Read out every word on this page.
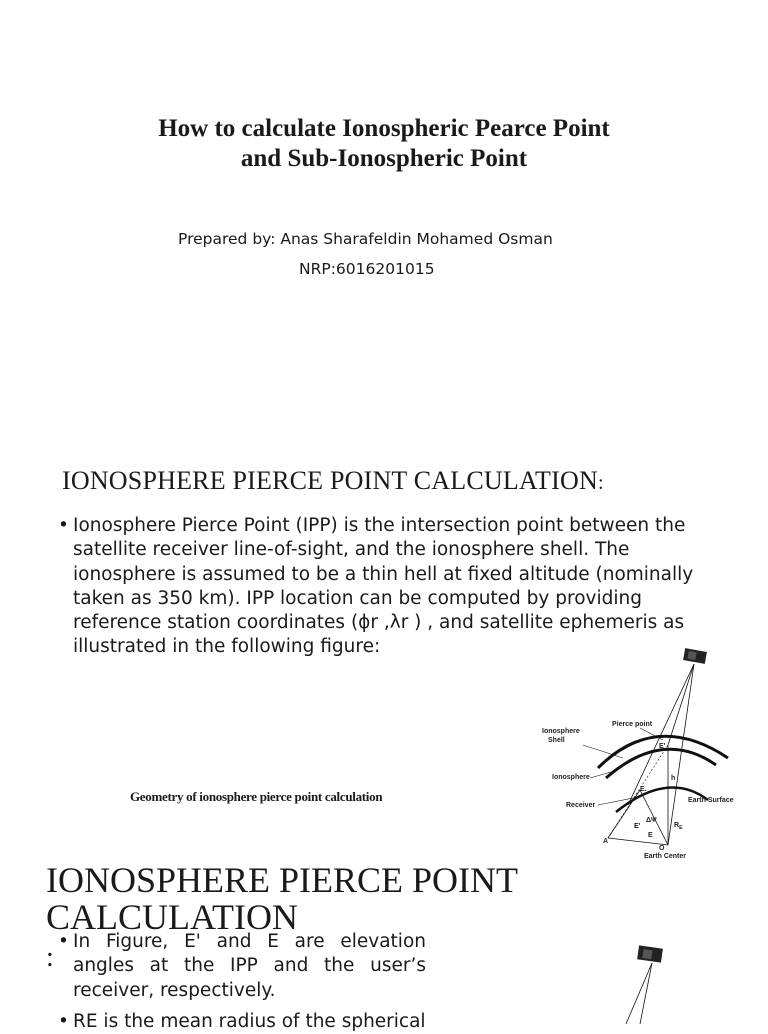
How to calculate Ionospheric Pearce Point
and Sub-Ionospheric Point
Prepared by: Anas Sharafeldin Mohamed Osman
NRP:6016201015
IONOSPHERE PIERCE POINT CALCULATION:
• Ionosphere Pierce Point (IPP) is the intersection point between the satellite receiver line-of-sight, and the ionosphere shell. The ionosphere is assumed to be a thin hell at fixed altitude (nominally taken as 350 km). IPP location can be computed by providing reference station coordinates (ϕr ,λr ) , and satellite ephemeris as illustrated in the following figure:
Geometry of ionosphere pierce point calculation
Pierce point
Ionosphere
Shell
Ionosphere
Receiver
Earth Surface
Earth Center
E'
h
E.
ΔΨ
E'
E
$R_E$
A
O
IONOSPHERE PIERCE POINT
CALCULATION
:
• In Figure, E' and E are elevation angles at the IPP and the user’s receiver, respectively.
• RE is the mean radius of the spherical
